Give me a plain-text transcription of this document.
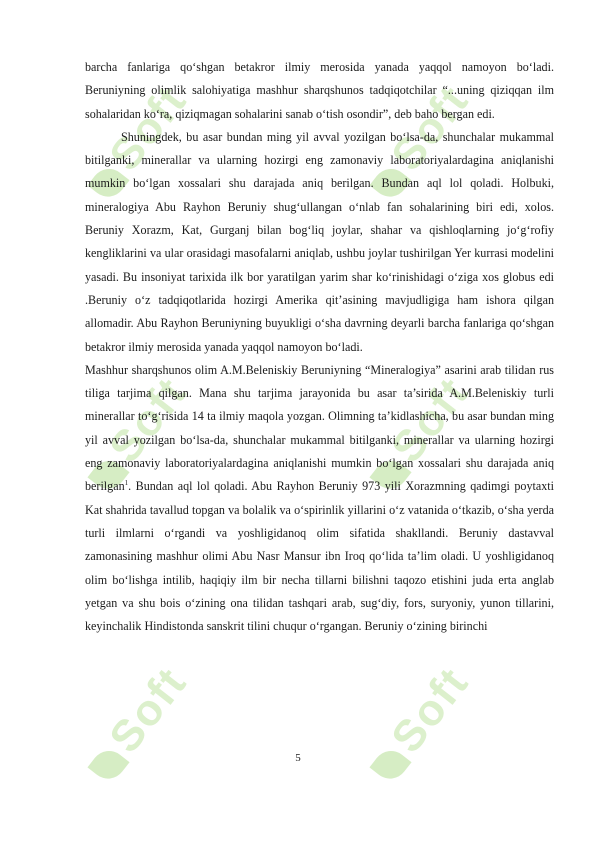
Soft	Soft
Soft	Soft
Soft	Soft

barcha fanlariga qo‘shgan betakror ilmiy merosida yanada yaqqol namoyon bo‘ladi. Beruniyning olimlik salohiyatiga mashhur sharqshunos tadqiqotchilar “...uning qiziqqan ilm sohalaridan ko‘ra, qiziqmagan sohalarini sanab o‘tish osondir”, deb baho bergan edi.

Shuningdek, bu asar bundan ming yil avval yozilgan bo‘lsa-da, shunchalar mukammal bitilganki, minerallar va ularning hozirgi eng zamonaviy laboratoriyalardagina aniqlanishi mumkin bo‘lgan xossalari shu darajada aniq berilgan. Bundan aql lol qoladi. Holbuki, mineralogiya Abu Rayhon Beruniy shug‘ullangan o‘nlab fan sohalarining biri edi, xolos. Beruniy Xorazm, Kat, Gurganj bilan bog‘liq joylar, shahar va qishloqlarning jo‘g‘rofiy kengliklarini va ular orasidagi masofalarni aniqlab, ushbu joylar tushirilgan Yer kurrasi modelini yasadi. Bu insoniyat tarixida ilk bor yaratilgan yarim shar ko‘rinishidagi o‘ziga xos globus edi .Beruniy o‘z tadqiqotlarida hozirgi Amerika qit’asining mavjudligiga ham ishora qilgan allomadir. Abu Rayhon Beruniyning buyukligi o‘sha davrning deyarli barcha fanlariga qo‘shgan betakror ilmiy merosida yanada yaqqol namoyon bo‘ladi.

Mashhur sharqshunos olim A.M.Beleniskiy Beruniyning “Mineralogiya” asarini arab tilidan rus tiliga tarjima qilgan. Mana shu tarjima jarayonida bu asar ta’sirida A.M.Beleniskiy turli minerallar to‘g‘risida 14 ta ilmiy maqola yozgan. Olimning ta’kidlashicha, bu asar bundan ming yil avval yozilgan bo‘lsa-da, shunchalar mukammal bitilganki, minerallar va ularning hozirgi eng zamonaviy laboratoriyalardagina aniqlanishi mumkin bo‘lgan xossalari shu darajada aniq berilgan$^1$. Bundan aql lol qoladi. Abu Rayhon Beruniy 973 yili Xorazmning qadimgi poytaxti Kat shahrida tavallud topgan va bolalik va o‘spirinlik yillarini o‘z vatanida o‘tkazib, o‘sha yerda turli ilmlarni o‘rgandi va yoshligidanoq olim sifatida shakllandi. Beruniy dastavval zamonasining mashhur olimi Abu Nasr Mansur ibn Iroq qo‘lida ta’lim oladi. U yoshligidanoq olim bo‘lishga intilib, haqiqiy ilm bir necha tillarni bilishni taqozo etishini juda erta anglab yetgan va shu bois o‘zining ona tilidan tashqari arab, sug‘diy, fors, suryoniy, yunon tillarini, keyinchalik Hindistonda sanskrit tilini chuqur o‘rgangan. Beruniy o‘zining birinchi

5
